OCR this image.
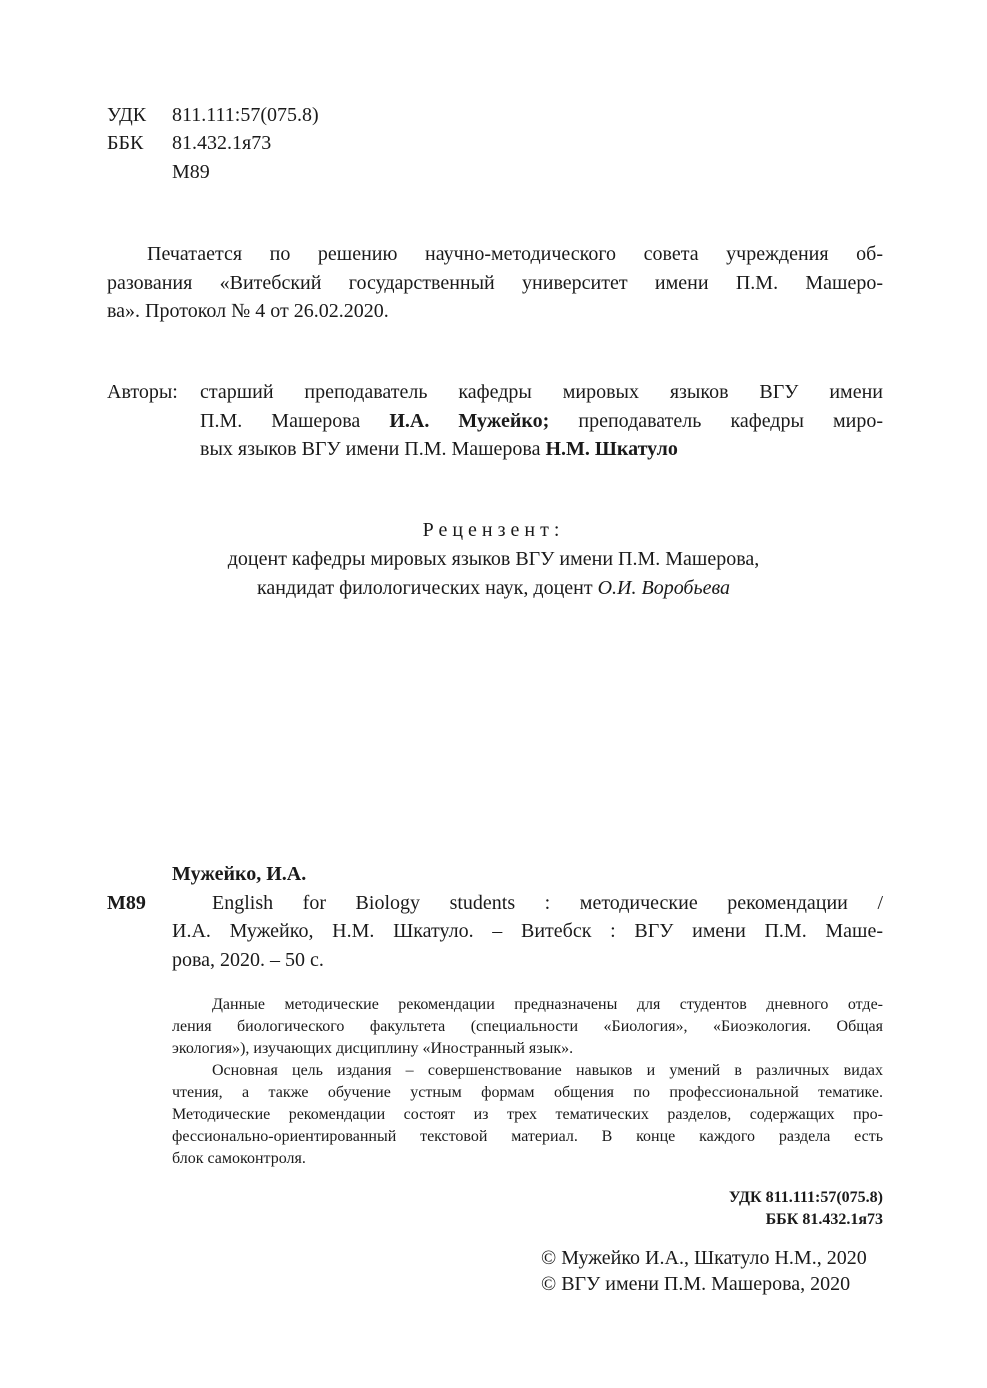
УДК 811.111:57(075.8)
ББК 81.432.1я73
М89
Печатается по решению научно-методического совета учреждения об-
разования «Витебский государственный университет имени П.М. Машеро-
ва». Протокол № 4 от 26.02.2020.
Авторы: старший преподаватель кафедры мировых языков ВГУ имени
П.М. Машерова И.А. Мужейко; преподаватель кафедры миро-
вых языков ВГУ имени П.М. Машерова Н.М. Шкатуло
Рецензент:
доцент кафедры мировых языков ВГУ имени П.М. Машерова,
кандидат филологических наук, доцент О.И. Воробьева
Мужейко, И.А.
М89	English for Biology students : методические рекомендации /
И.А. Мужейко, Н.М. Шкатуло. – Витебск : ВГУ имени П.М. Маше-
рова, 2020. – 50 с.
Данные методические рекомендации предназначены для студентов дневного отде-
ления биологического факультета (специальности «Биология», «Биоэкология. Общая
экология»), изучающих дисциплину «Иностранный язык».
Основная цель издания – совершенствование навыков и умений в различных видах
чтения, а также обучение устным формам общения по профессиональной тематике.
Методические рекомендации состоят из трех тематических разделов, содержащих про-
фессионально-ориентированный текстовой материал. В конце каждого раздела есть
блок самоконтроля.
УДК 811.111:57(075.8)
ББК 81.432.1я73
© Мужейко И.А., Шкатуло Н.М., 2020
© ВГУ имени П.М. Машерова, 2020
